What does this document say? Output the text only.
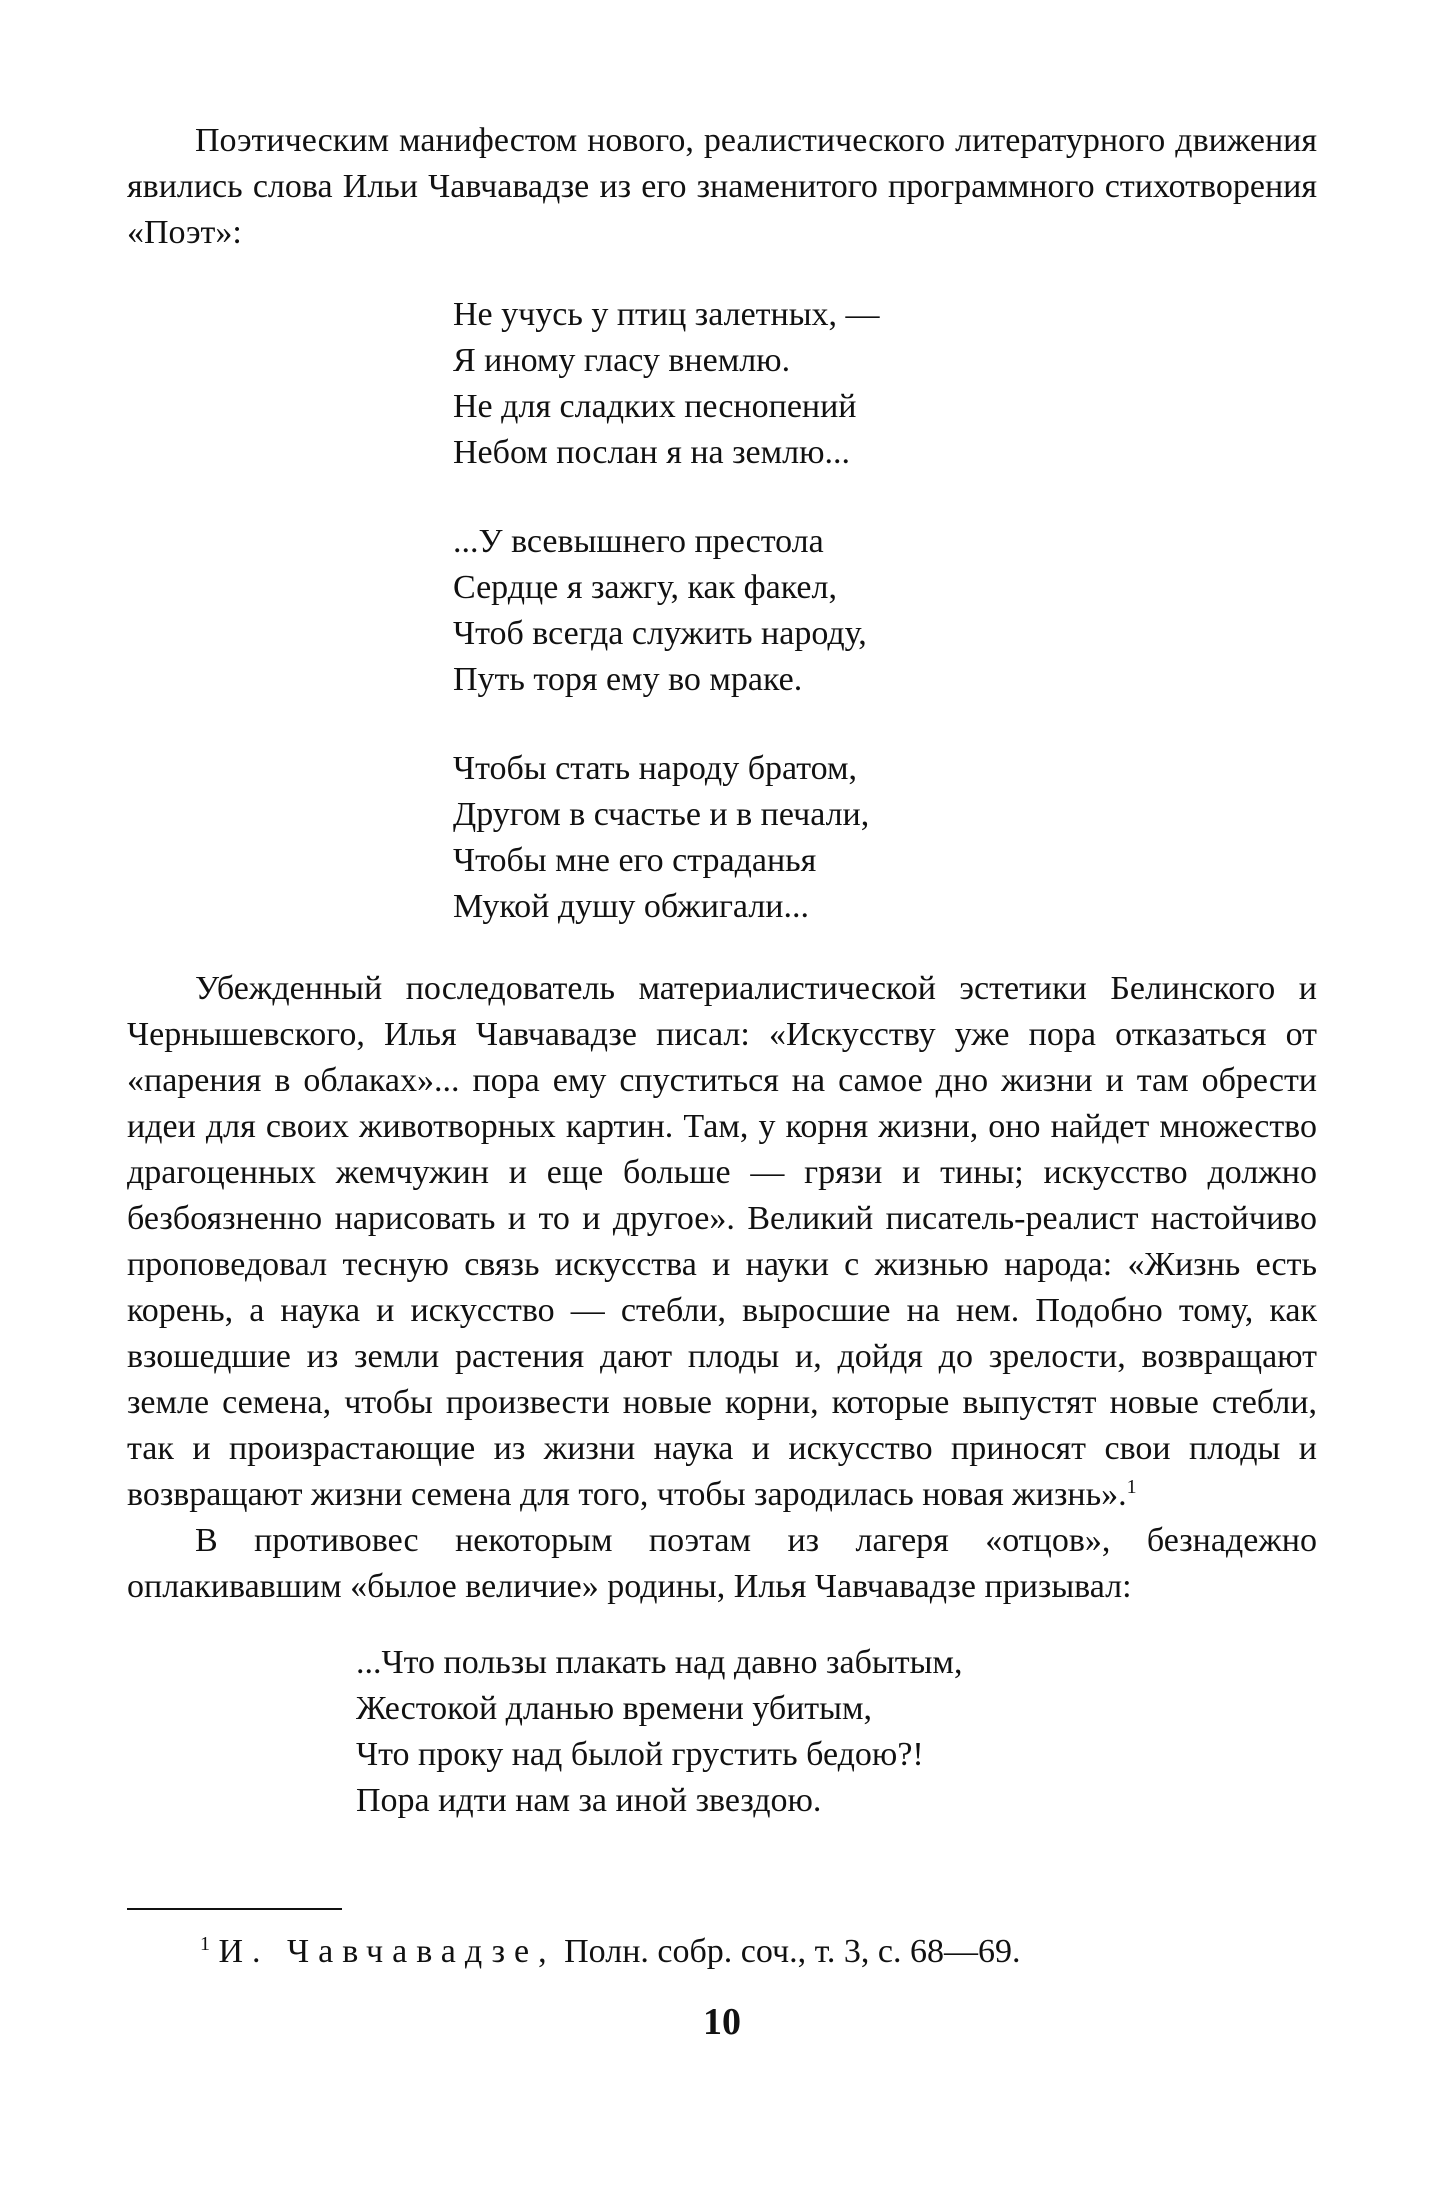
Поэтическим манифестом нового, реалистического литературного движения явились слова Ильи Чавчавадзе из его знаменитого программного стихотворения «Поэт»:

Не учусь у птиц залетных, —
Я иному гласу внемлю.
Не для сладких песнопений
Небом послан я на землю...
...У всевышнего престола
Сердце я зажгу, как факел,
Чтоб всегда служить народу,
Путь торя ему во мраке.
Чтобы стать народу братом,
Другом в счастье и в печали,
Чтобы мне его страданья
Мукой душу обжигали...

Убежденный последователь материалистической эстетики Белинского и Чернышевского, Илья Чавчавадзе писал: «Искусству уже пора отказаться от «парения в облаках»... пора ему спуститься на самое дно жизни и там обрести идеи для своих животворных картин. Там, у корня жизни, оно найдет множество драгоценных жемчужин и еще больше — грязи и тины; искусство должно безбоязненно нарисовать и то и другое». Великий писатель-реалист настойчиво проповедовал тесную связь искусства и науки с жизнью народа: «Жизнь есть корень, а наука и искусство — стебли, выросшие на нем. Подобно тому, как взошедшие из земли растения дают плоды и, дойдя до зрелости, возвращают земле семена, чтобы произвести новые корни, которые выпустят новые стебли, так и произрастающие из жизни наука и искусство приносят свои плоды и возвращают жизни семена для того, чтобы зародилась новая жизнь».$^1$

В противовес некоторым поэтам из лагеря «отцов», безнадежно оплакивавшим «былое величие» родины, Илья Чавчавадзе призывал:

...Что пользы плакать над давно забытым,
Жестокой дланью времени убитым,
Что проку над былой грустить бедою?!
Пора идти нам за иной звездою.
$^1$ И. Чавчавадзе, Полн. собр. соч., т. 3, с. 68—69.
10
